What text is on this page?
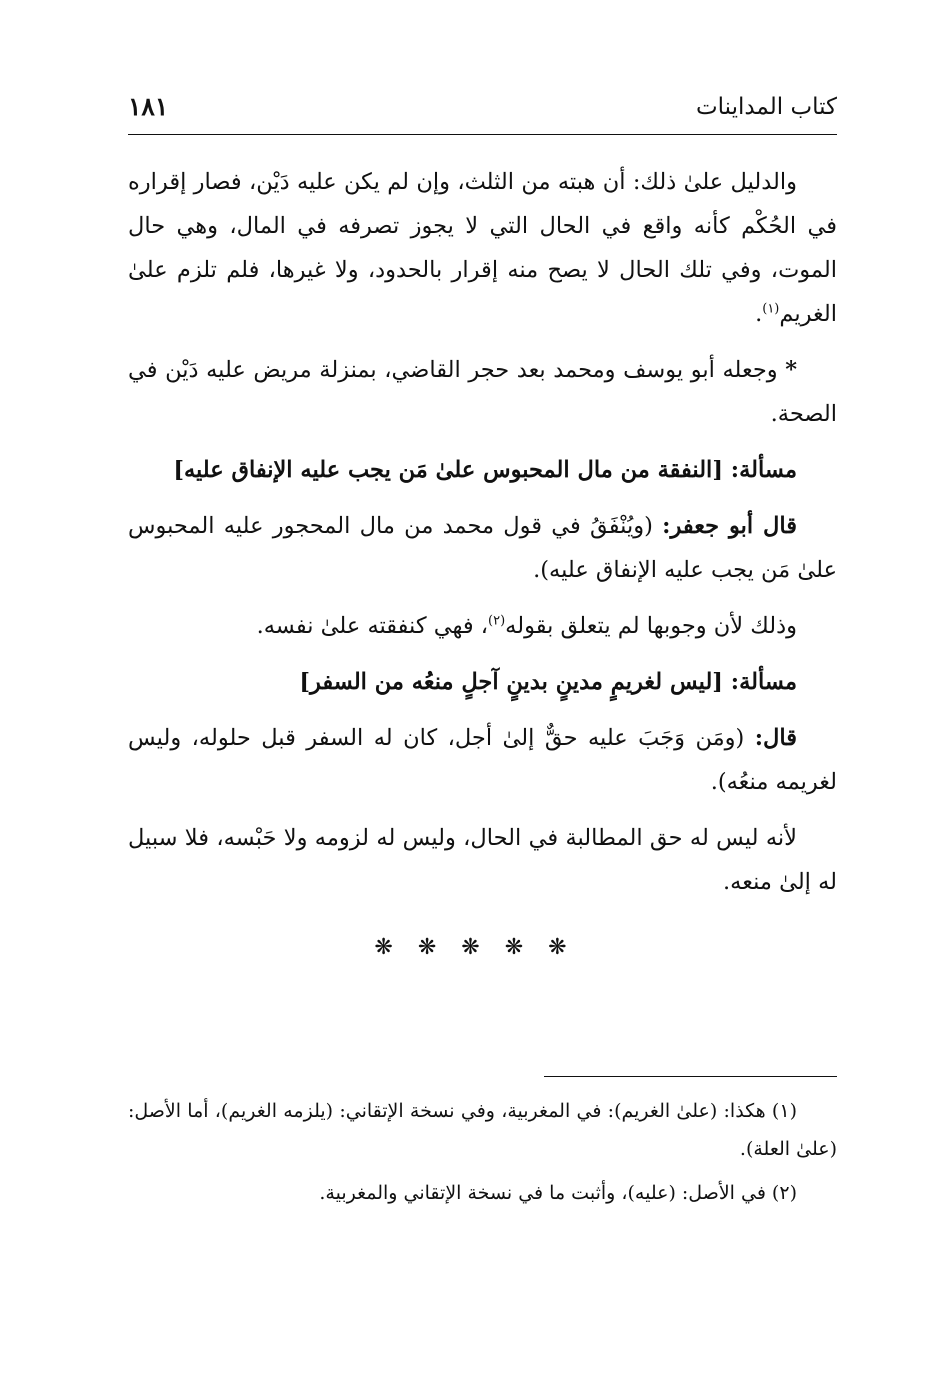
كتاب المداينات
١٨١

والدليل علىٰ ذلك: أن هبته من الثلث، وإن لم يكن عليه دَيْن، فصار إقراره في الحُكْم كأنه واقع في الحال التي لا يجوز تصرفه في المال، وهي حال الموت، وفي تلك الحال لا يصح منه إقرار بالحدود، ولا غيرها، فلم تلزم علىٰ الغريم$^{(١)}$.

* وجعله أبو يوسف ومحمد بعد حجر القاضي، بمنزلة مريض عليه دَيْن في الصحة.

مسألة: [النفقة من مال المحبوس علىٰ مَن يجب عليه الإنفاق عليه]

قال أبو جعفر: (ويُنْفَقُ في قول محمد من مال المحجور عليه المحبوس علىٰ مَن يجب عليه الإنفاق عليه).

وذلك لأن وجوبها لم يتعلق بقوله$^{(٢)}$، فهي كنفقته علىٰ نفسه.

مسألة: [ليس لغريمٍ مدينٍ بدينٍ آجلٍ منعُه من السفر]

قال: (ومَن وَجَبَ عليه حقٌّ إلىٰ أجل، كان له السفر قبل حلوله، وليس لغريمه منعُه).

لأنه ليس له حق المطالبة في الحال، وليس له لزومه ولا حَبْسه، فلا سبيل له إلىٰ منعه.

❋ ❋ ❋ ❋ ❋

(١) هكذا: (علىٰ الغريم): في المغربية، وفي نسخة الإتقاني: (يلزمه الغريم)، أما الأصل: (علىٰ العلة).

(٢) في الأصل: (عليه)، وأثبت ما في نسخة الإتقاني والمغربية.
